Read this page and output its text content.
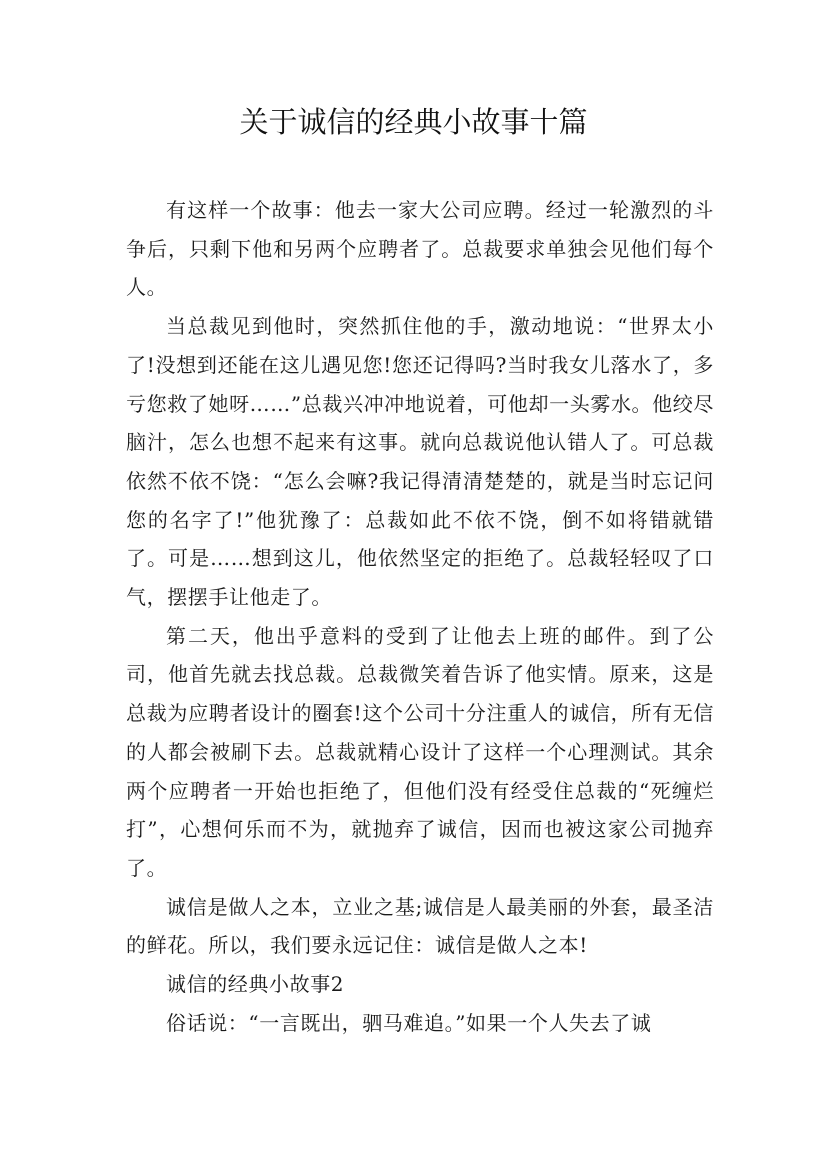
关于诚信的经典小故事十篇

有这样一个故事：他去一家大公司应聘。经过一轮激烈的斗争后，只剩下他和另两个应聘者了。总裁要求单独会见他们每个人。

当总裁见到他时，突然抓住他的手，激动地说：“世界太小了!没想到还能在这儿遇见您!您还记得吗?当时我女儿落水了，多亏您救了她呀……”总裁兴冲冲地说着，可他却一头雾水。他绞尽脑汁，怎么也想不起来有这事。就向总裁说他认错人了。可总裁依然不依不饶：“怎么会嘛?我记得清清楚楚的，就是当时忘记问您的名字了!”他犹豫了：总裁如此不依不饶，倒不如将错就错了。可是……想到这儿，他依然坚定的拒绝了。总裁轻轻叹了口气，摆摆手让他走了。

第二天，他出乎意料的受到了让他去上班的邮件。到了公司，他首先就去找总裁。总裁微笑着告诉了他实情。原来，这是总裁为应聘者设计的圈套!这个公司十分注重人的诚信，所有无信的人都会被刷下去。总裁就精心设计了这样一个心理测试。其余两个应聘者一开始也拒绝了，但他们没有经受住总裁的“死缠烂打”，心想何乐而不为，就抛弃了诚信，因而也被这家公司抛弃了。

诚信是做人之本，立业之基;诚信是人最美丽的外套，最圣洁的鲜花。所以，我们要永远记住：诚信是做人之本!

诚信的经典小故事2

俗话说：“一言既出，驷马难追。”如果一个人失去了诚
